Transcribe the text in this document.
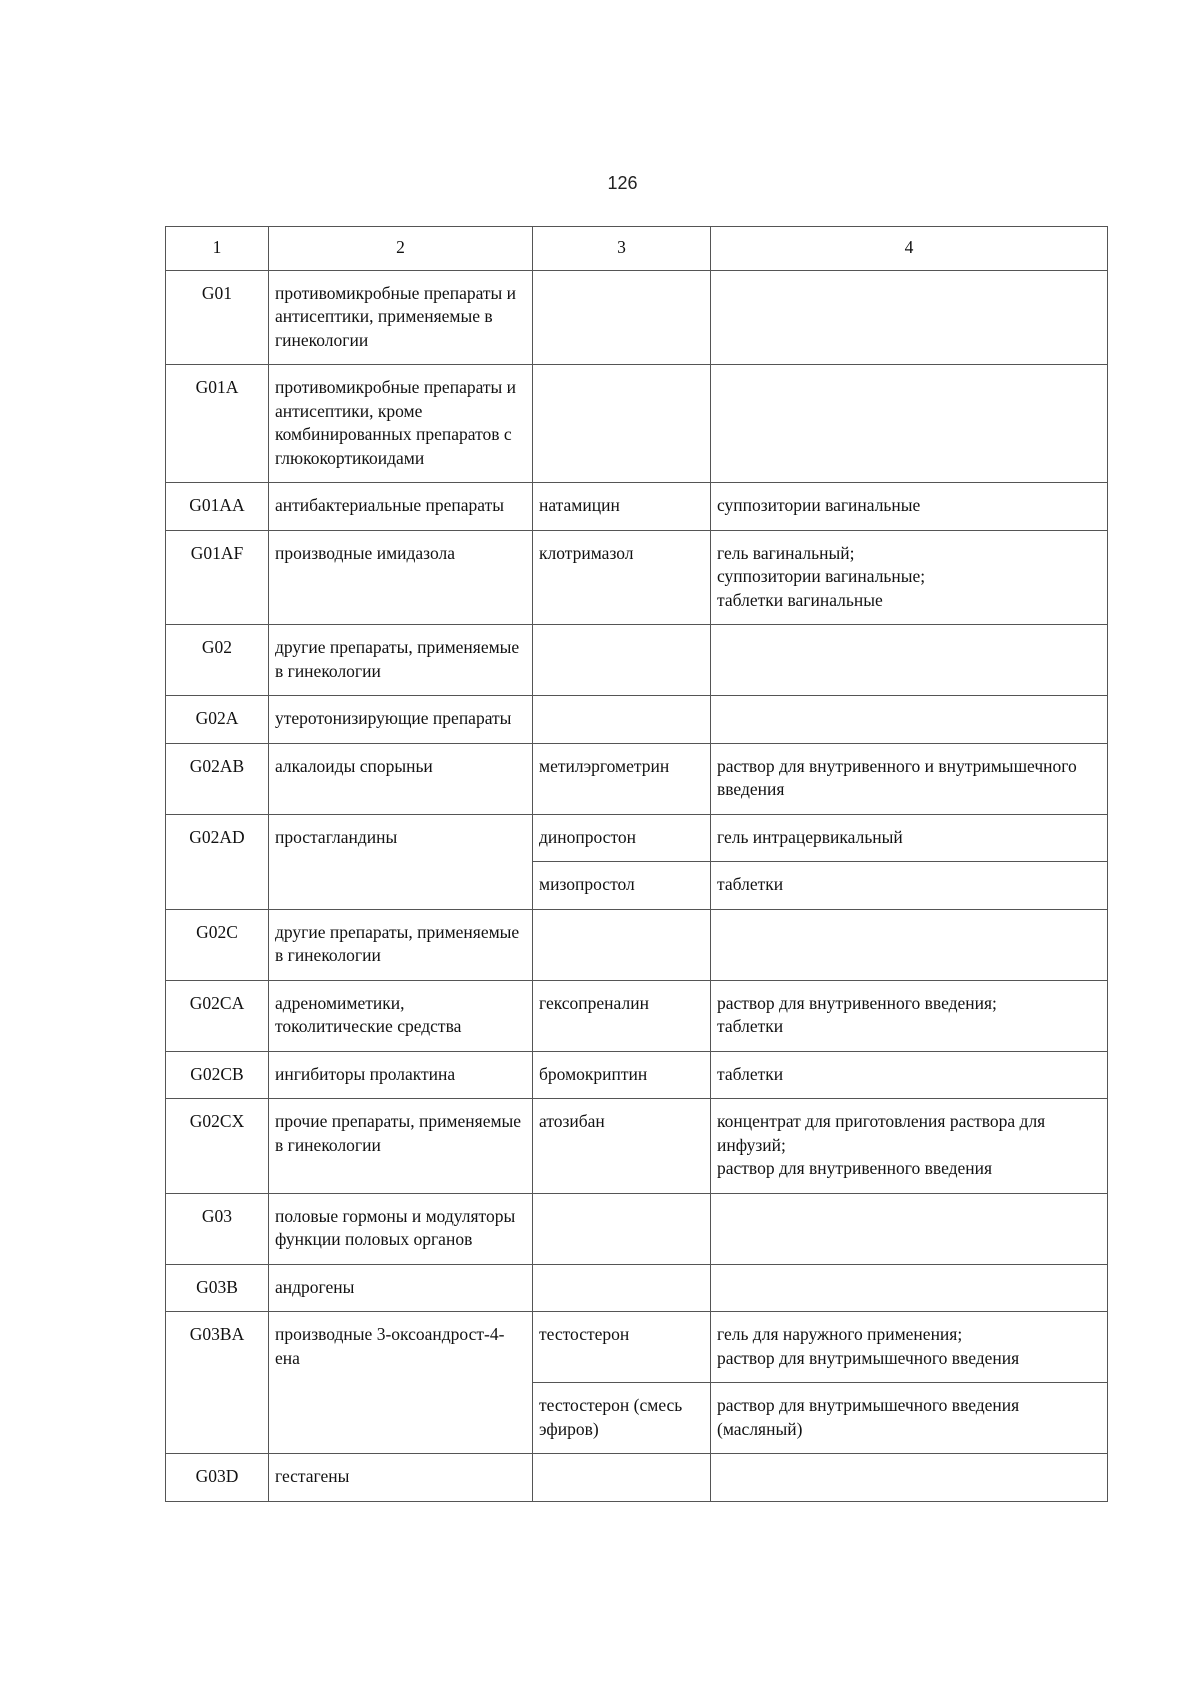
126
1	2	3	4
G01	противомикробные препараты и антисептики, применяемые в гинекологии		
G01A	противомикробные препараты и антисептики, кроме комбинированных препаратов с глюкокортикоидами		
G01AA	антибактериальные препараты	натамицин	суппозитории вагинальные

G01AF	производные имидазола	клотримазол	гель вагинальный;
суппозитории вагинальные;
таблетки вагинальные

G02	другие препараты, применяемые в гинекологии		
G02A	утеротонизирующие препараты		
G02AB	алкалоиды спорыньи	метилэргометрин	раствор для внутривенного и внутримышечного введения

G02AD	простагландины	динопростон	гель интрацервикальный

		мизопростол	таблетки

G02C	другие препараты, применяемые в гинекологии		
G02CA	адреномиметики, токолитические средства	гексопреналин	раствор для внутривенного введения;
таблетки

G02CB	ингибиторы пролактина	бромокриптин	таблетки

G02CX	прочие препараты, применяемые в гинекологии	атозибан	концентрат для приготовления раствора для инфузий;
раствор для внутривенного введения

G03	половые гормоны и модуляторы функции половых органов		
G03B	андрогены		
G03BA	производные 3-оксоандрост-4-ена	тестостерон	гель для наружного применения;
раствор для внутримышечного введения

		тестостерон (смесь эфиров)	раствор для внутримышечного введения (масляный)

G03D	гестагены		
